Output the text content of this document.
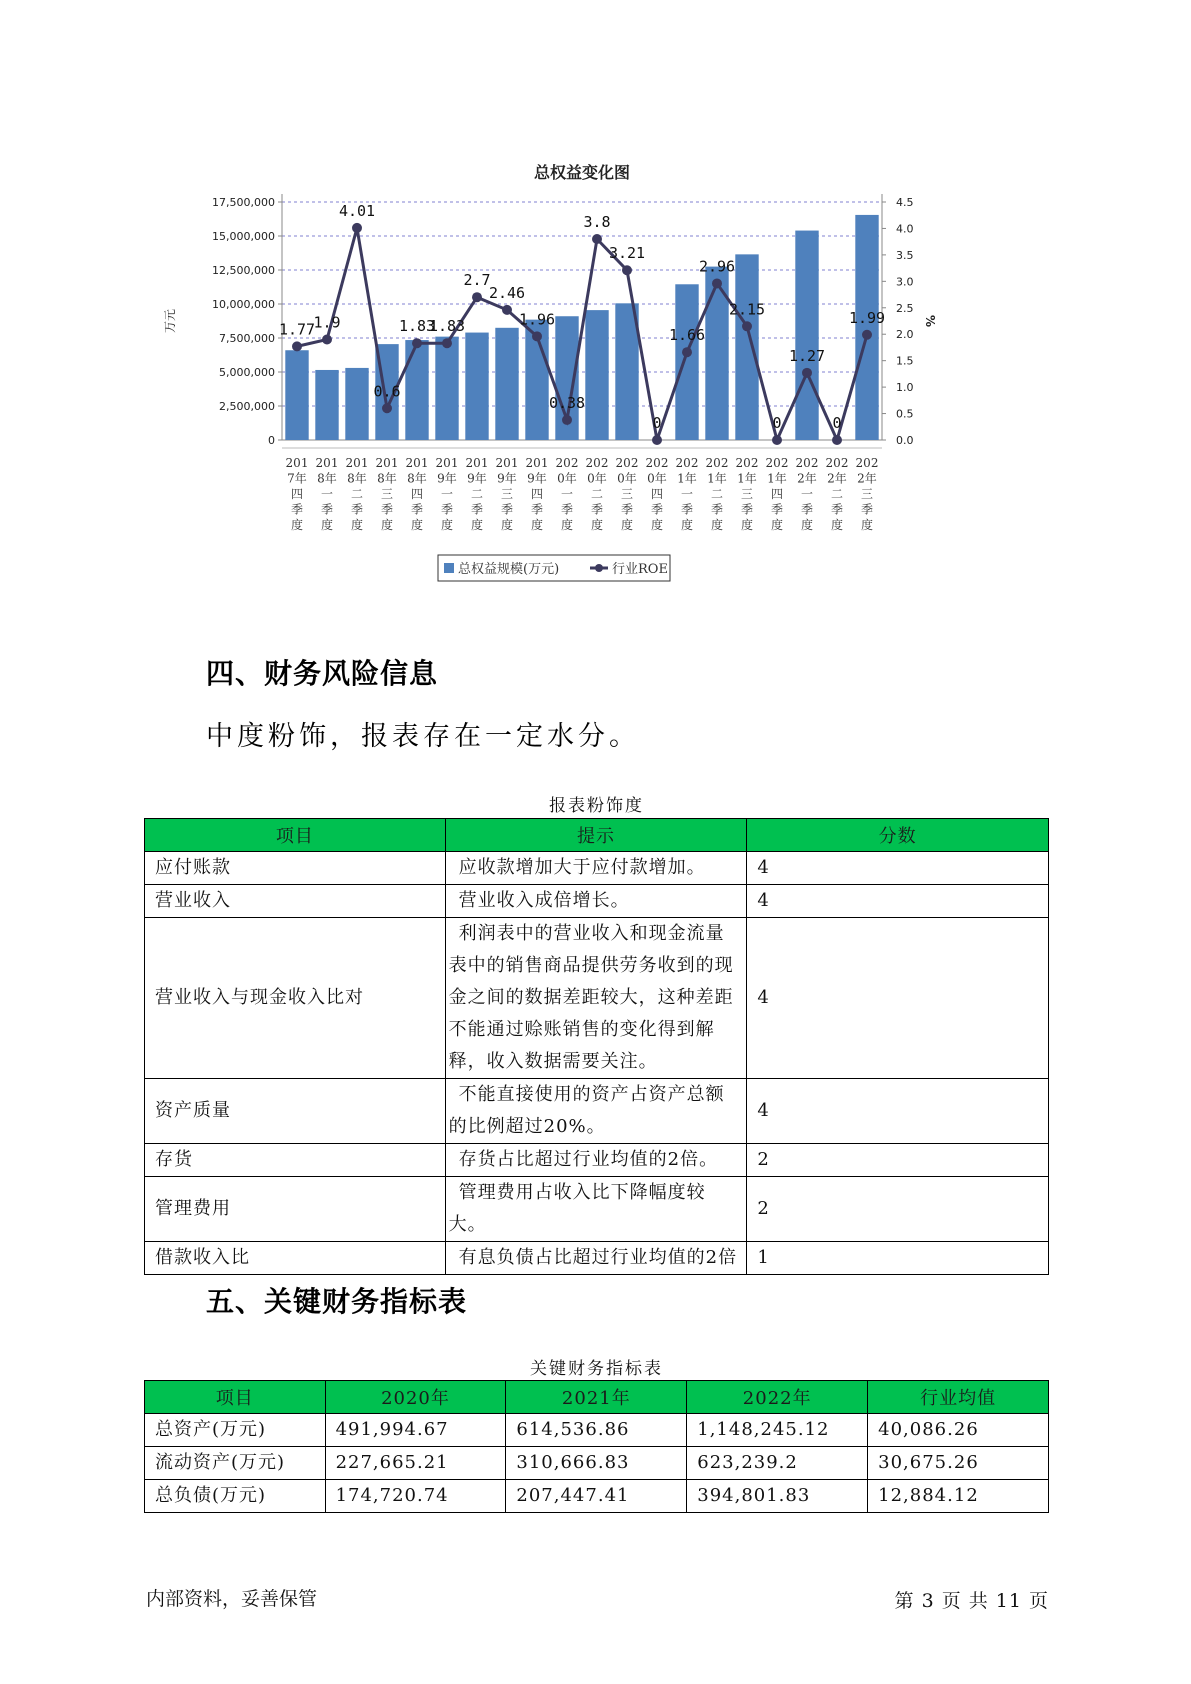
总权益变化图
0
2,500,000
5,000,000
7,500,000
10,000,000
12,500,000
15,000,000
17,500,000
0.0
0.5
1.0
1.5
2.0
2.5
3.0
3.5
4.0
4.5
万元	%
201
7年
四
季
度
201
8年
一
季
度
201
8年
二
季
度
201
8年
三
季
度
201
8年
四
季
度
201
9年
一
季
度
201
9年
二
季
度
201
9年
三
季
度
201
9年
四
季
度
202
0年
一
季
度
202
0年
二
季
度
202
0年
三
季
度
202
0年
四
季
度
202
1年
一
季
度
202
1年
二
季
度
202
1年
三
季
度
202
1年
四
季
度
202
2年
一
季
度
202
2年
二
季
度
202
2年
三
季
度
1.77
1.9
4.01
0.6
1.83
1.83
2.7
2.46
1.96
0.38
3.8
3.21
0
1.66
2.96
2.15
0
1.27
0
1.99
总权益规模(万元)	行业ROE
四、财务风险信息
中度粉饰，报表存在一定水分。
报表粉饰度
项目	提示	分数
应付账款	应收款增加大于应付款增加。	4
营业收入	营业收入成倍增长。	4
营业收入与现金收入比对	利润表中的营业收入和现金流量表中的销售商品提供劳务收到的现金之间的数据差距较大，这种差距不能通过赊账销售的变化得到解释，收入数据需要关注。	4
资产质量	不能直接使用的资产占资产总额的比例超过20%。	4
存货	存货占比超过行业均值的2倍。	2
管理费用	管理费用占收入比下降幅度较大。	2
借款收入比	有息负债占比超过行业均值的2倍	1
五、关键财务指标表
关键财务指标表
项目	2020年	2021年	2022年	行业均值
总资产(万元)	491,994.67	614,536.86	1,148,245.12	40,086.26
流动资产(万元)	227,665.21	310,666.83	623,239.2	30,675.26
总负债(万元)	174,720.74	207,447.41	394,801.83	12,884.12
内部资料，妥善保管	第 3 页 共 11 页
